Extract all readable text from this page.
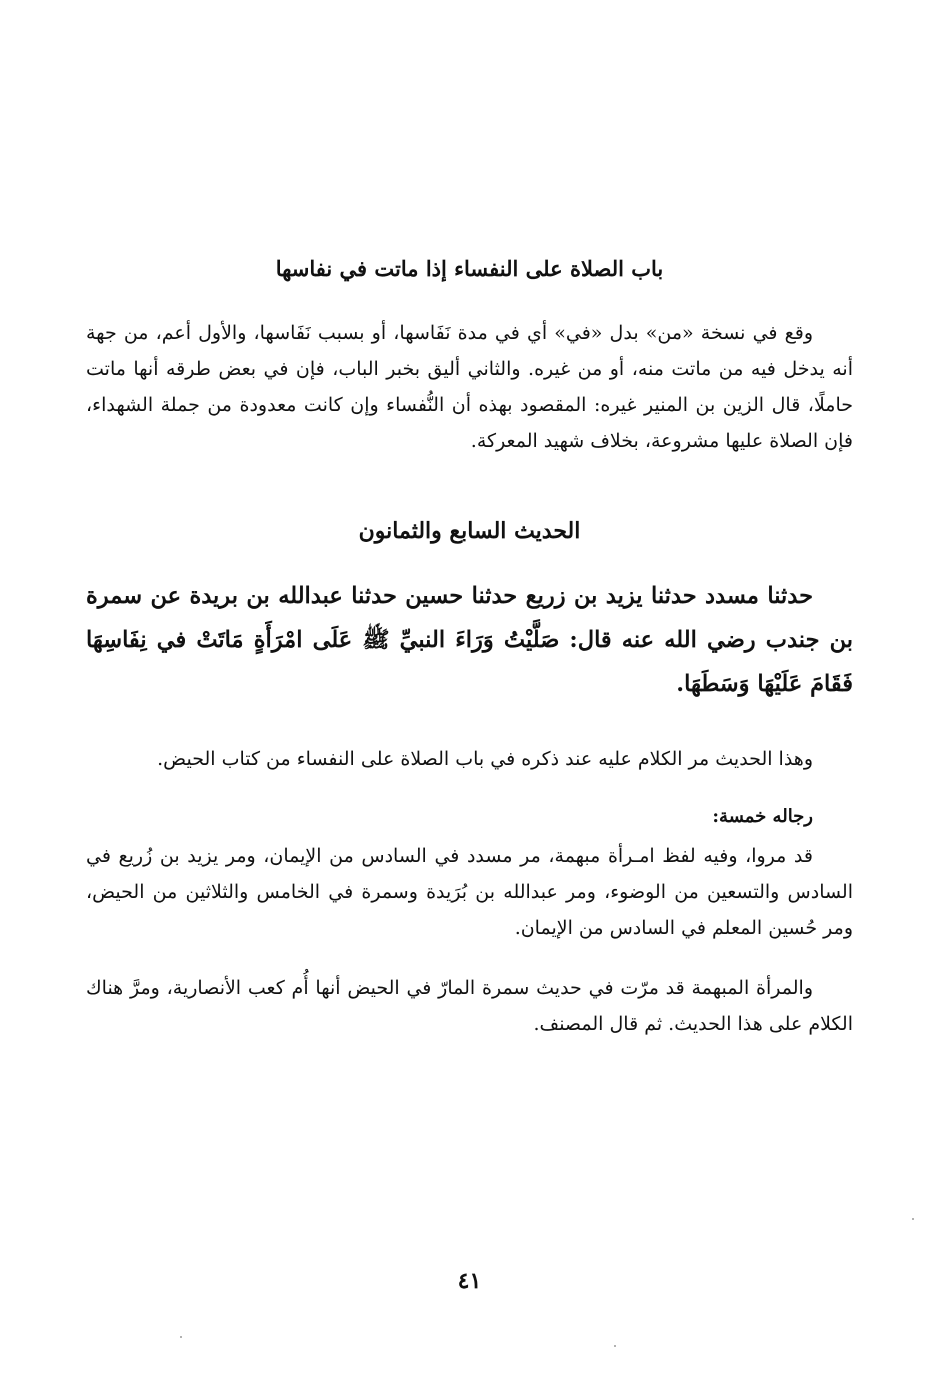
باب الصلاة على النفساء إذا ماتت في نفاسها

وقع في نسخة «من» بدل «في» أي في مدة نَفَاسها، أو بسبب نَفَاسها، والأول أعم، من جهة أنه يدخل فيه من ماتت منه، أو من غيره. والثاني أليق بخبر الباب، فإن في بعض طرقه أنها ماتت حاملًا، قال الزين بن المنير غيره: المقصود بهذه أن النُّفساء وإن كانت معدودة من جملة الشهداء، فإن الصلاة عليها مشروعة، بخلاف شهيد المعركة.

الحديث السابع والثمانون

حدثنا مسدد حدثنا يزيد بن زريع حدثنا حسين حدثنا عبدالله بن بريدة عن سمرة بن جندب رضي الله عنه قال: صَلَّيْتُ وَرَاءَ النبيِّ ﷺ عَلَى امْرَأَةٍ مَاتَتْ في نِفَاسِهَا فَقَامَ عَلَيْهَا وَسَطَهَا.

وهذا الحديث مر الكلام عليه عند ذكره في باب الصلاة على النفساء من كتاب الحيض.

رجاله خمسة:

قد مروا، وفيه لفظ امـرأة مبهمة، مر مسدد في السادس من الإيمان، ومر يزيد بن زُريع في السادس والتسعين من الوضوء، ومر عبدالله بن بُرَيدة وسمرة في الخامس والثلاثين من الحيض، ومر حُسين المعلم في السادس من الإيمان.

والمرأة المبهمة قد مرّت في حديث سمرة المارّ في الحيض أنها أُم كعب الأنصارية، ومرَّ هناك الكلام على هذا الحديث. ثم قال المصنف.

٤١
